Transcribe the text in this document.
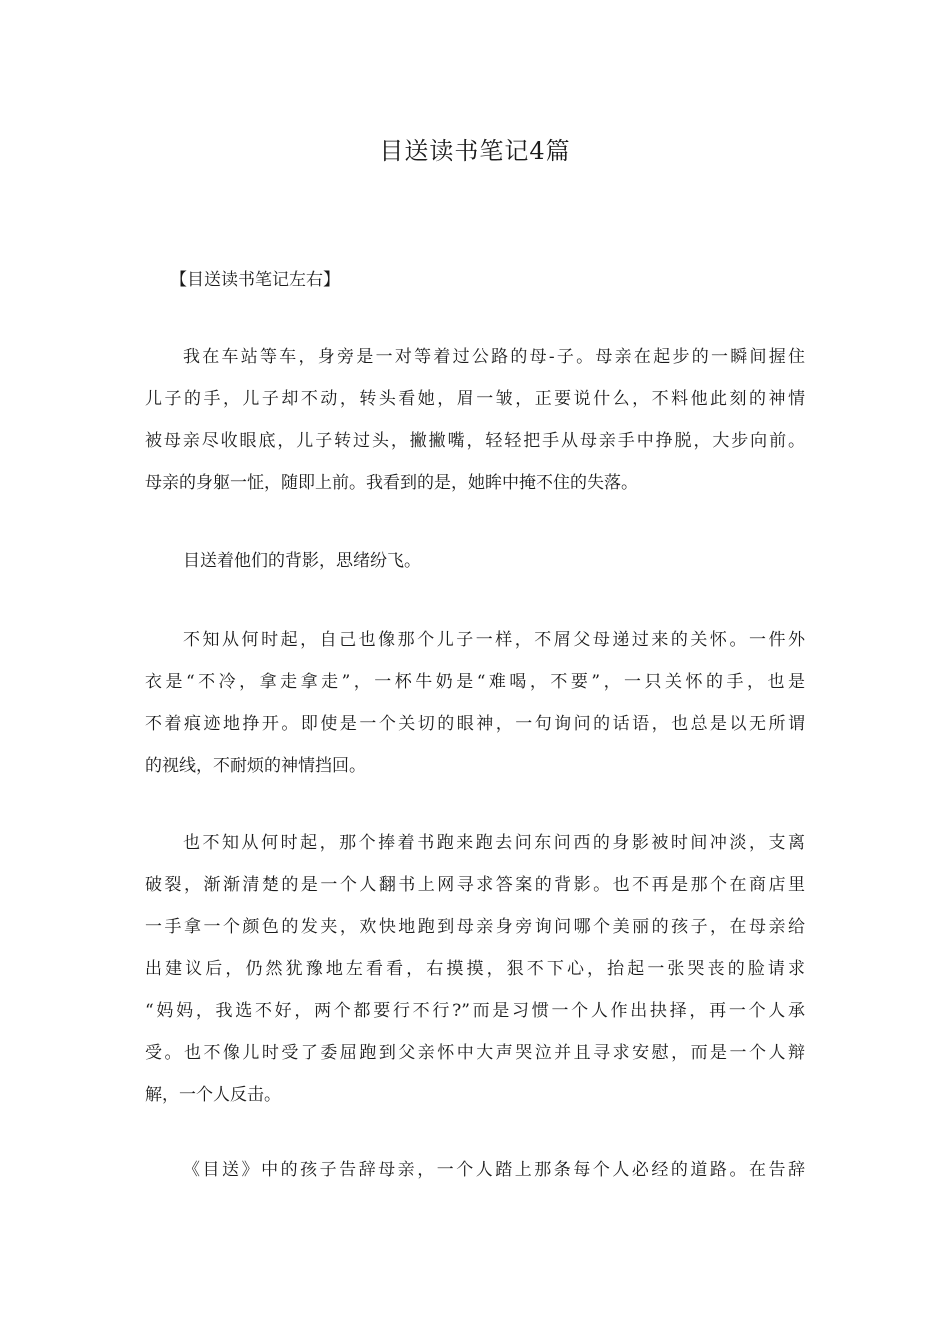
目送读书笔记4篇

【目送读书笔记左右】

我在车站等车，身旁是一对等着过公路的母-子。母亲在起步的一瞬间握住
儿子的手，儿子却不动，转头看她，眉一皱，正要说什么，不料他此刻的神情
被母亲尽收眼底，儿子转过头，撇撇嘴，轻轻把手从母亲手中挣脱，大步向前。
母亲的身躯一怔，随即上前。我看到的是，她眸中掩不住的失落。
目送着他们的背影，思绪纷飞。
不知从何时起，自己也像那个儿子一样，不屑父母递过来的关怀。一件外
衣是“不冷，拿走拿走”，一杯牛奶是“难喝，不要”，一只关怀的手，也是
不着痕迹地挣开。即使是一个关切的眼神，一句询问的话语，也总是以无所谓
的视线，不耐烦的神情挡回。
也不知从何时起，那个捧着书跑来跑去问东问西的身影被时间冲淡，支离
破裂，渐渐清楚的是一个人翻书上网寻求答案的背影。也不再是那个在商店里
一手拿一个颜色的发夹，欢快地跑到母亲身旁询问哪个美丽的孩子，在母亲给
出建议后，仍然犹豫地左看看，右摸摸，狠不下心，抬起一张哭丧的脸请求
“妈妈，我选不好，两个都要行不行?”而是习惯一个人作出抉择，再一个人承
受。也不像儿时受了委屈跑到父亲怀中大声哭泣并且寻求安慰，而是一个人辩
解，一个人反击。
《目送》中的孩子告辞母亲，一个人踏上那条每个人必经的道路。在告辞
